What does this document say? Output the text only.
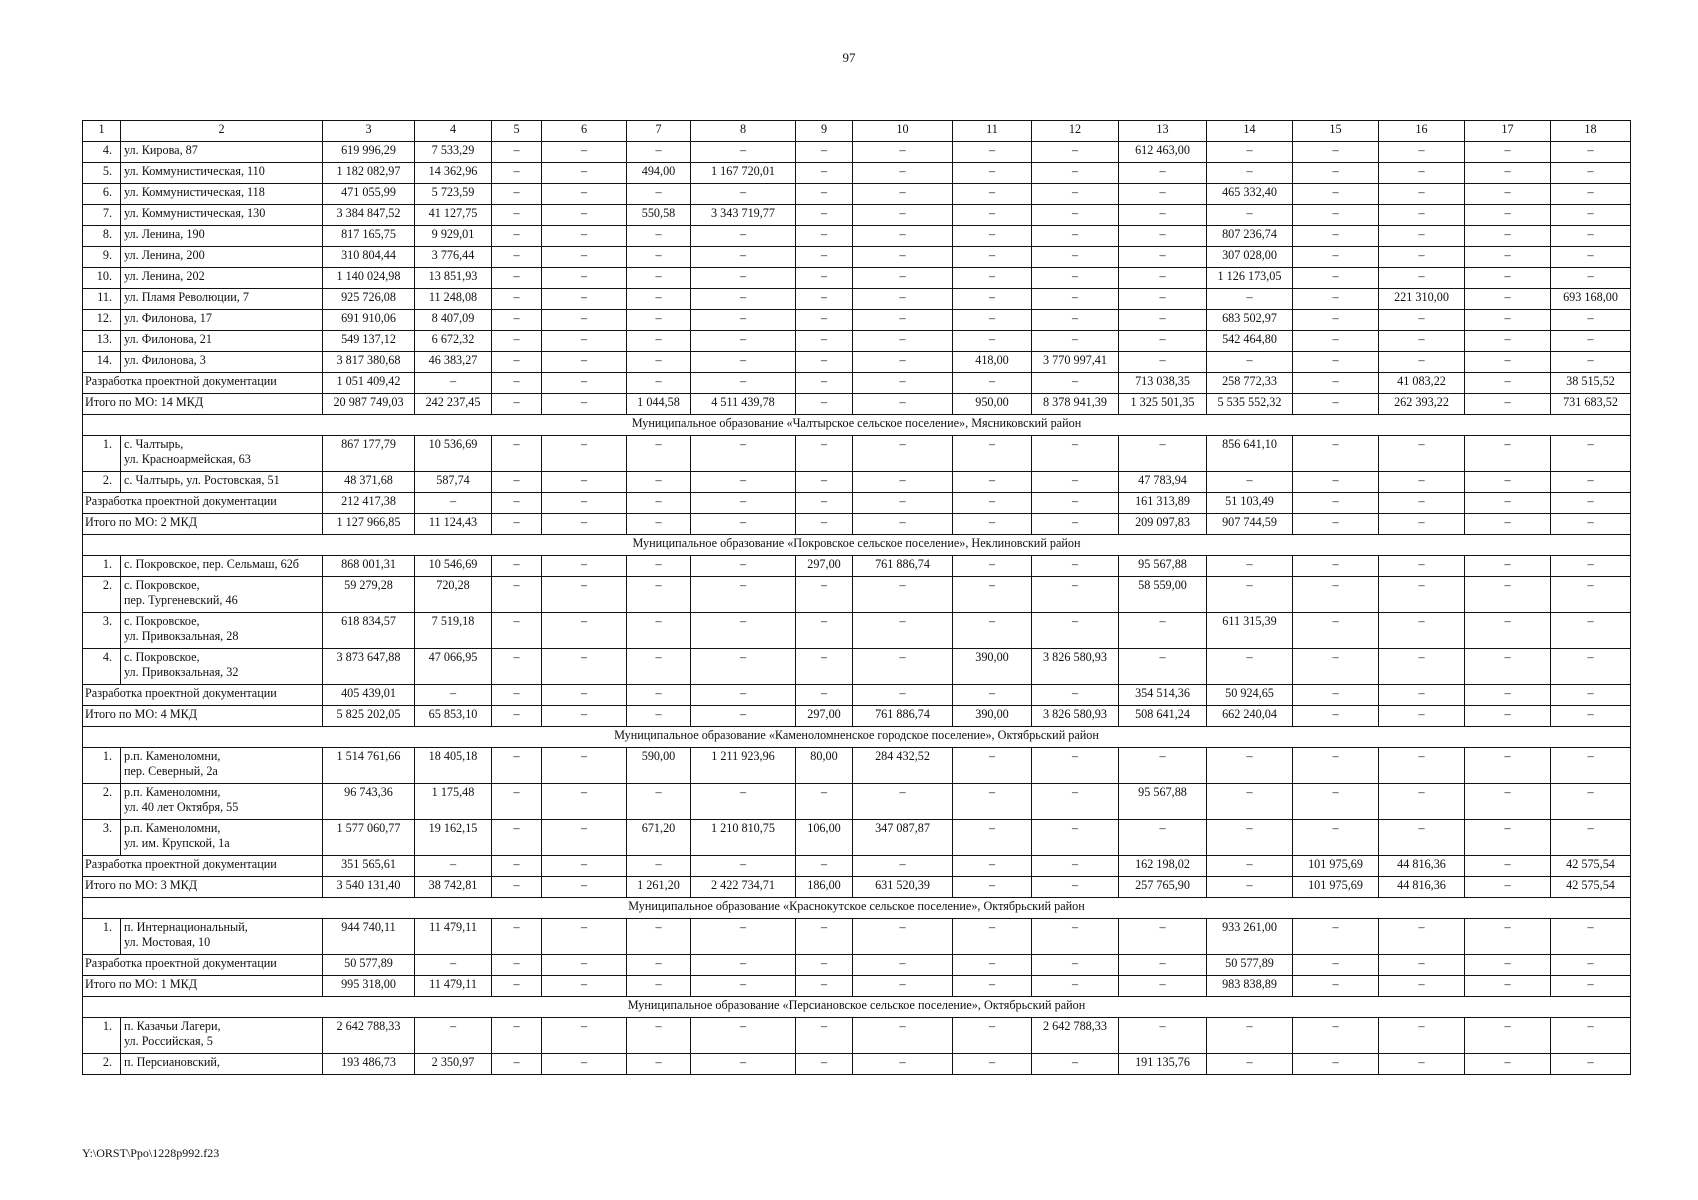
97
1	2	3	4	5	6	7	8	9	10	11	12	13	14	15	16	17	18
4.	ул. Кирова, 87	619 996,29	7 533,29	–	–	–	–	–	–	–	–	612 463,00	–	–	–	–	–
5.	ул. Коммунистическая, 110	1 182 082,97	14 362,96	–	–	494,00	1 167 720,01	–	–	–	–	–	–	–	–	–	–
6.	ул. Коммунистическая, 118	471 055,99	5 723,59	–	–	–	–	–	–	–	–	–	465 332,40	–	–	–	–
7.	ул. Коммунистическая, 130	3 384 847,52	41 127,75	–	–	550,58	3 343 719,77	–	–	–	–	–	–	–	–	–	–
8.	ул. Ленина, 190	817 165,75	9 929,01	–	–	–	–	–	–	–	–	–	807 236,74	–	–	–	–
9.	ул. Ленина, 200	310 804,44	3 776,44	–	–	–	–	–	–	–	–	–	307 028,00	–	–	–	–
10.	ул. Ленина, 202	1 140 024,98	13 851,93	–	–	–	–	–	–	–	–	–	1 126 173,05	–	–	–	–
11.	ул. Пламя Революции, 7	925 726,08	11 248,08	–	–	–	–	–	–	–	–	–	–	–	221 310,00	–	693 168,00
12.	ул. Филонова, 17	691 910,06	8 407,09	–	–	–	–	–	–	–	–	–	683 502,97	–	–	–	–
13.	ул. Филонова, 21	549 137,12	6 672,32	–	–	–	–	–	–	–	–	–	542 464,80	–	–	–	–
14.	ул. Филонова, 3	3 817 380,68	46 383,27	–	–	–	–	–	–	418,00	3 770 997,41	–	–	–	–	–	–
Разработка проектной документации		1 051 409,42	–	–	–	–	–	–	–	–	–	713 038,35	258 772,33	–	41 083,22	–	38 515,52
Итого по МО: 14 МКД		20 987 749,03	242 237,45	–	–	1 044,58	4 511 439,78	–	–	950,00	8 378 941,39	1 325 501,35	5 535 552,32	–	262 393,22	–	731 683,52
Муниципальное образование «Чалтырское сельское поселение», Мясниковский район																	
1.	с. Чалтырь,
ул. Красноармейская, 63	867 177,79	10 536,69	–	–	–	–	–	–	–	–	–	856 641,10	–	–	–	–
2.	с. Чалтырь, ул. Ростовская, 51	48 371,68	587,74	–	–	–	–	–	–	–	–	47 783,94	–	–	–	–	–
Разработка проектной документации		212 417,38	–	–	–	–	–	–	–	–	–	161 313,89	51 103,49	–	–	–	–
Итого по МО: 2 МКД		1 127 966,85	11 124,43	–	–	–	–	–	–	–	–	209 097,83	907 744,59	–	–	–	–
Муниципальное образование «Покровское сельское поселение», Неклиновский район																	
1.	с. Покровское, пер. Сельмаш, 62б	868 001,31	10 546,69	–	–	–	–	297,00	761 886,74	–	–	95 567,88	–	–	–	–	–
2.	с. Покровское,
пер. Тургеневский, 46	59 279,28	720,28	–	–	–	–	–	–	–	–	58 559,00	–	–	–	–	–
3.	с. Покровское,
ул. Привокзальная, 28	618 834,57	7 519,18	–	–	–	–	–	–	–	–	–	611 315,39	–	–	–	–
4.	с. Покровское,
ул. Привокзальная, 32	3 873 647,88	47 066,95	–	–	–	–	–	–	390,00	3 826 580,93	–	–	–	–	–	–
Разработка проектной документации		405 439,01	–	–	–	–	–	–	–	–	–	354 514,36	50 924,65	–	–	–	–
Итого по МО: 4 МКД		5 825 202,05	65 853,10	–	–	–	–	297,00	761 886,74	390,00	3 826 580,93	508 641,24	662 240,04	–	–	–	–
Муниципальное образование «Каменоломненское городское поселение», Октябрьский район																	
1.	р.п. Каменоломни,
пер. Северный, 2а	1 514 761,66	18 405,18	–	–	590,00	1 211 923,96	80,00	284 432,52	–	–	–	–	–	–	–	–
2.	р.п. Каменоломни,
ул. 40 лет Октября, 55	96 743,36	1 175,48	–	–	–	–	–	–	–	–	95 567,88	–	–	–	–	–
3.	р.п. Каменоломни,
ул. им. Крупской, 1а	1 577 060,77	19 162,15	–	–	671,20	1 210 810,75	106,00	347 087,87	–	–	–	–	–	–	–	–
Разработка проектной документации		351 565,61	–	–	–	–	–	–	–	–	–	162 198,02	–	101 975,69	44 816,36	–	42 575,54
Итого по МО: 3 МКД		3 540 131,40	38 742,81	–	–	1 261,20	2 422 734,71	186,00	631 520,39	–	–	257 765,90	–	101 975,69	44 816,36	–	42 575,54
Муниципальное образование «Краснокутское сельское поселение», Октябрьский район																	
1.	п. Интернациональный,
ул. Мостовая, 10	944 740,11	11 479,11	–	–	–	–	–	–	–	–	–	933 261,00	–	–	–	–
Разработка проектной документации		50 577,89	–	–	–	–	–	–	–	–	–	–	50 577,89	–	–	–	–
Итого по МО: 1 МКД		995 318,00	11 479,11	–	–	–	–	–	–	–	–	–	983 838,89	–	–	–	–
Муниципальное образование «Персиановское сельское поселение», Октябрьский район																	
1.	п. Казачьи Лагери,
ул. Российская, 5	2 642 788,33	–	–	–	–	–	–	–	–	2 642 788,33	–	–	–	–	–	–
2.	п. Персиановский,	193 486,73	2 350,97	–	–	–	–	–	–	–	–	191 135,76	–	–	–	–	–
Y:\ORST\Ppo\1228p992.f23
